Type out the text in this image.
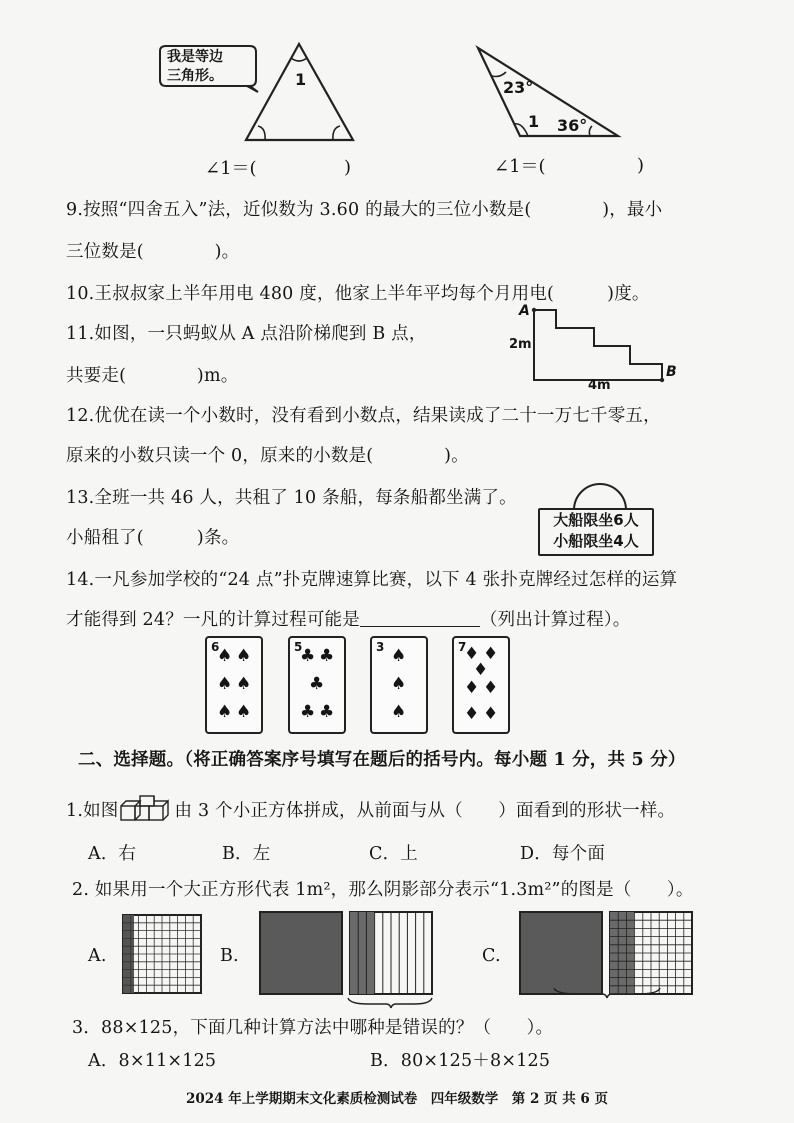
我是等边
三角形。	1	23°
1 36°
∠1＝(	)	∠1＝(	)
9.按照“四舍五入”法，近似数为 3.60 的最大的三位小数是(　　　　)，最小
三位数是(　　　　)。
10.王叔叔家上半年用电 480 度，他家上半年平均每个月用电(　　　)度。
11.如图，一只蚂蚁从 A 点沿阶梯爬到 B 点，
共要走(　　　　)m。
A
B
2m
4m
12.优优在读一个小数时，没有看到小数点，结果读成了二十一万七千零五，
原来的小数只读一个 0，原来的小数是(　　　　)。
13.全班一共 46 人，共租了 10 条船，每条船都坐满了。
小船租了(　　　)条。
大船限坐6人
小船限坐4人
14.一凡参加学校的“24 点”扑克牌速算比赛，以下 4 张扑克牌经过怎样的运算
才能得到 24？一凡的计算过程可能是	（列出计算过程）。
6
♠ ♠
♠ ♠
♠ ♠
5
♣ ♣
♣
♣ ♣
3 ♠
♠
♠
7
♦ ♦
♦
♦ ♦
♦ ♦
二、选择题。（将正确答案序号填写在题后的括号内。每小题 1 分，共 5 分）
1.如图	由 3 个小正方体拼成，从前面与从（　　）面看到的形状一样。
A．右	B．左	C．上	D．每个面
2. 如果用一个大正方形代表 1m²，那么阴影部分表示“1.3m²”的图是（　　）。
A.	B.	C.
3．88×125，下面几种计算方法中哪种是错误的？（　　）。
A．8×11×125	B．80×125＋8×125
2024 年上学期期末文化素质检测试卷　四年级数学　第 2 页 共 6 页
